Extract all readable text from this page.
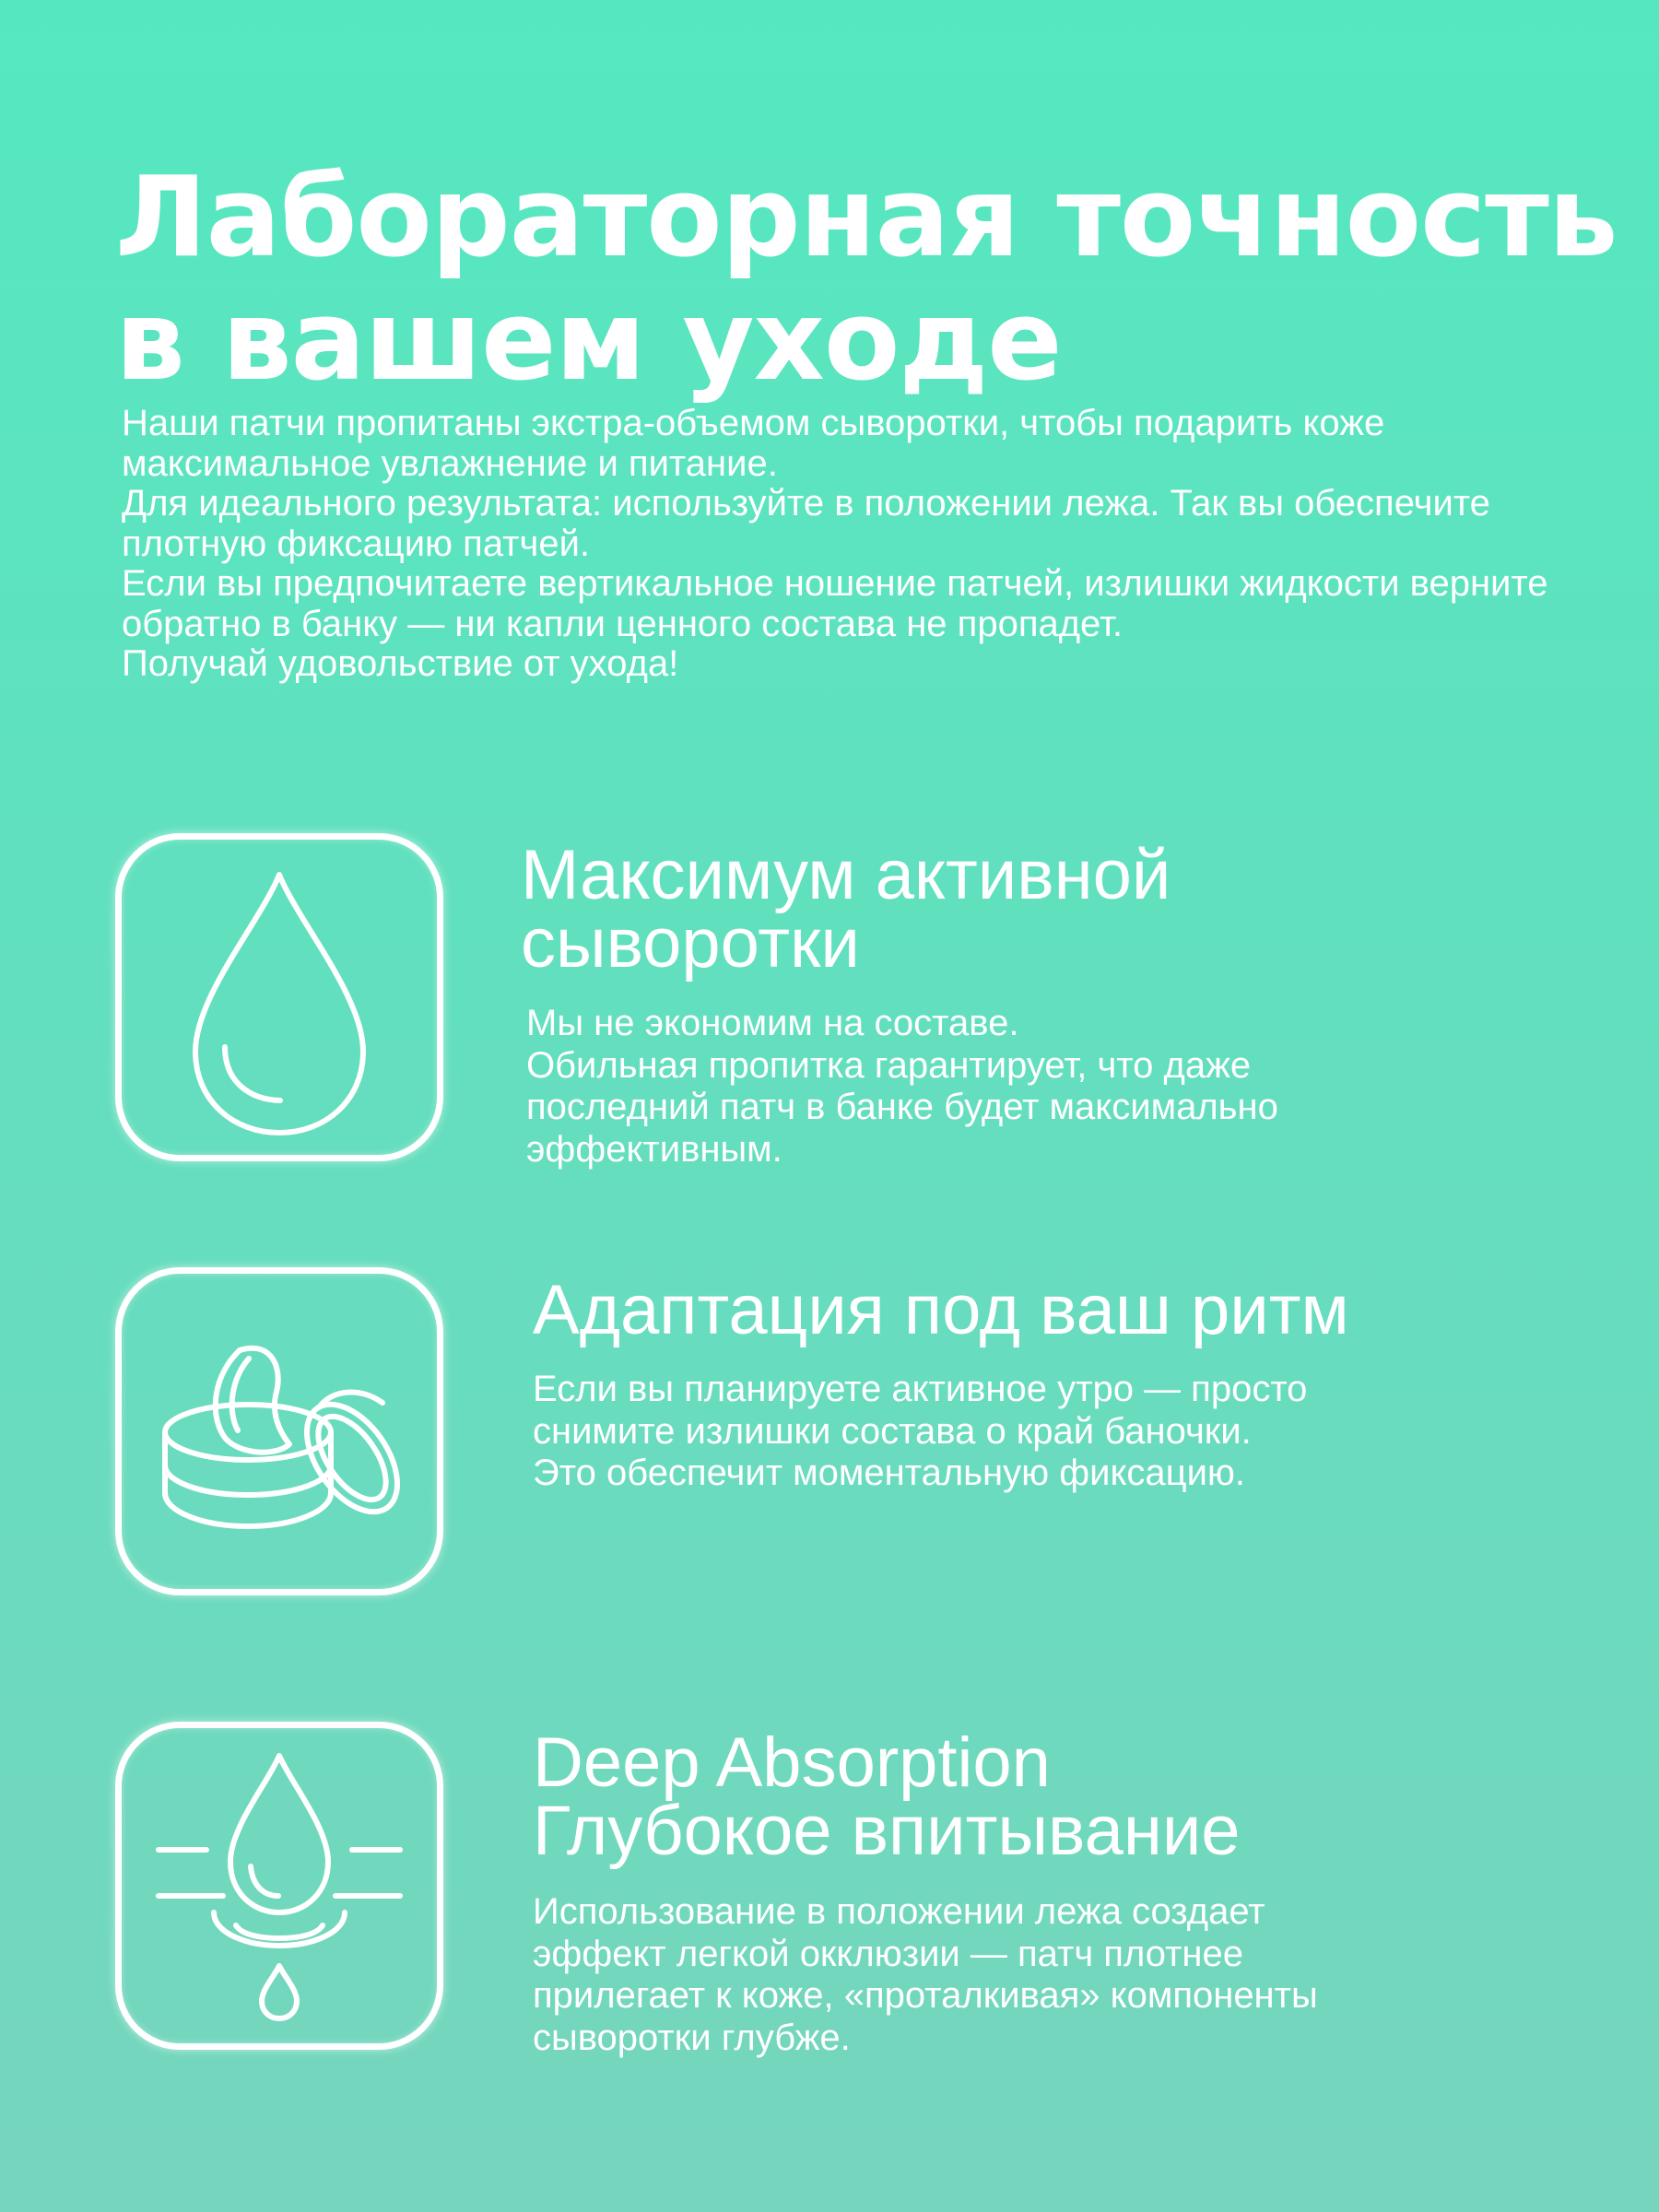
Лабораторная точность
в вашем уходе

Наши патчи пропитаны экстра-объемом сыворотки, чтобы подарить коже максимальное увлажнение и питание.

Для идеального результата: используйте в положении лежа. Так вы обеспечите плотную фиксацию патчей.

Если вы предпочитаете вертикальное ношение патчей, излишки жидкости верните обратно в банку — ни капли ценного состава не пропадет.

Получай удовольствие от ухода!

Максимум активной
сыворотки

Мы не экономим на составе.

Обильная пропитка гарантирует, что даже

последний патч в банке будет максимально

эффективным.

Адаптация под ваш ритм

Если вы планируете активное утро — просто

снимите излишки состава о край баночки.

Это обеспечит моментальную фиксацию.

Deep Absorption
Глубокое впитывание

Использование в положении лежа создает

эффект легкой окклюзии — патч плотнее

прилегает к коже, «проталкивая» компоненты

сыворотки глубже.
